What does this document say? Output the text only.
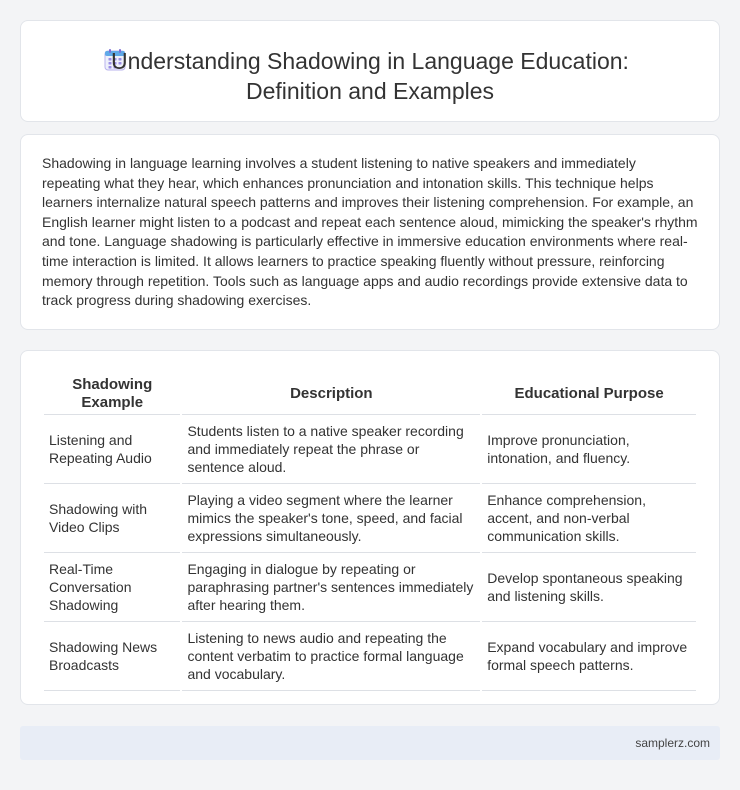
Understanding Shadowing in Language Education:
Definition and Examples

Shadowing in language learning involves a student listening to native speakers and immediately repeating what they hear, which enhances pronunciation and intonation skills. This technique helps learners internalize natural speech patterns and improves their listening comprehension. For example, an English learner might listen to a podcast and repeat each sentence aloud, mimicking the speaker's rhythm and tone. Language shadowing is particularly effective in immersive education environments where real-time interaction is limited. It allows learners to practice speaking fluently without pressure, reinforcing memory through repetition. Tools such as language apps and audio recordings provide extensive data to track progress during shadowing exercises.

Shadowing Example	Description	Educational Purpose
Listening and Repeating Audio	Students listen to a native speaker recording and immediately repeat the phrase or sentence aloud.	Improve pronunciation, intonation, and fluency.
Shadowing with Video Clips	Playing a video segment where the learner mimics the speaker's tone, speed, and facial expressions simultaneously.	Enhance comprehension, accent, and non-verbal communication skills.
Real-Time Conversation Shadowing	Engaging in dialogue by repeating or paraphrasing partner's sentences immediately after hearing them.	Develop spontaneous speaking and listening skills.
Shadowing News Broadcasts	Listening to news audio and repeating the content verbatim to practice formal language and vocabulary.	Expand vocabulary and improve formal speech patterns.
samplerz.com
